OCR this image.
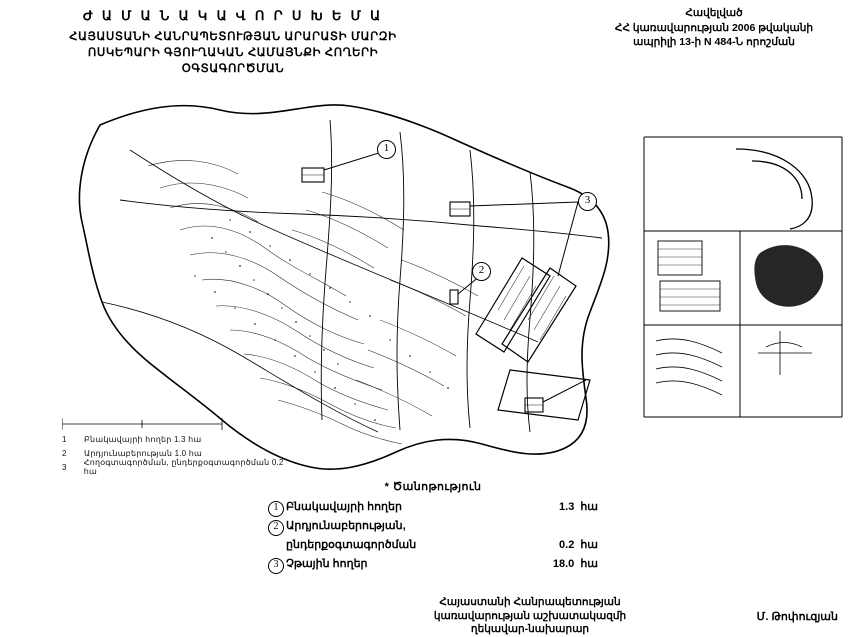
Ժ Ա Մ Ա Ն Ա Կ Ա Վ Ո Ր Ս Խ Ե Մ Ա
ՀԱՅԱՍՏԱՆԻ ՀԱՆՐԱՊԵՏՈՒԹՅԱՆ ԱՐԱՐԱՏԻ ՄԱՐԶԻ
ՈՍԿԵՊԱՐԻ ԳՅՈՒՂԱԿԱՆ ՀԱՄԱՅՆՔԻ ՀՈՂԵՐԻ
ՕԳՏԱԳՈՐԾՄԱՆ
Հավելված
ՀՀ կառավարության 2006 թվականի
ապրիլի 13-ի N 484-Ն որոշման
1
2
3
1	Բնակավայրի հողեր 1.3 հա
2	Արդյունաբերության 1.0 հա
3	Հողօգտագործման, ընդերքօգտագործման 0.2 հա
* Ծանոթություն
1 Բնակավայրի հողեր	1.3 հա
2 Արդյունաբերության,
ընդերքօգտագործման	0.2 հա
3 Չթային հողեր	18.0 հա
Հայաստանի Հանրապետության
կառավարության աշխատակազմի
ղեկավար-նախարար
Մ. Թոփուզյան
